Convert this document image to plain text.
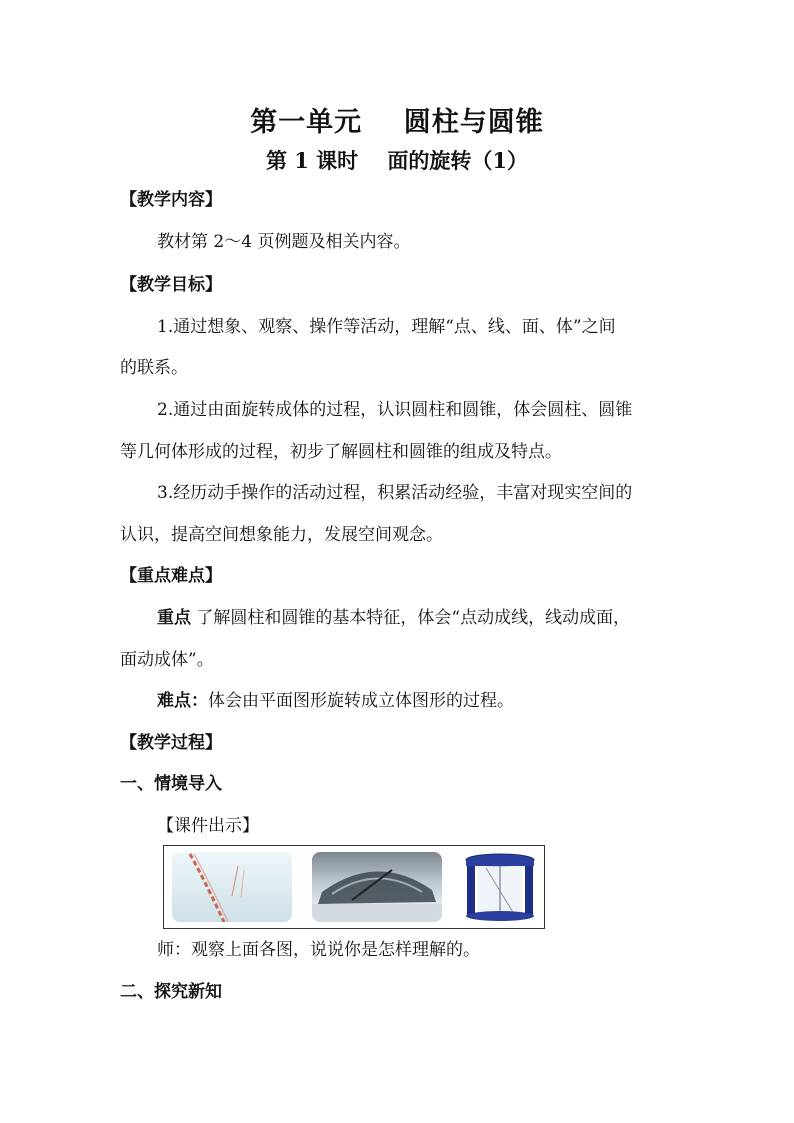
第一单元    圆柱与圆锥
第 1 课时    面的旋转（1）
【教学内容】
教材第 2～4 页例题及相关内容。
【教学目标】
1.通过想象、观察、操作等活动，理解“点、线、面、体”之间
的联系。
2.通过由面旋转成体的过程，认识圆柱和圆锥，体会圆柱、圆锥
等几何体形成的过程，初步了解圆柱和圆锥的组成及特点。
3.经历动手操作的活动过程，积累活动经验，丰富对现实空间的
认识，提高空间想象能力，发展空间观念。
【重点难点】
重点 了解圆柱和圆锥的基本特征，体会“点动成线，线动成面，
面动成体”。
难点：体会由平面图形旋转成立体图形的过程。
【教学过程】
一、情境导入
【课件出示】
师：观察上面各图，说说你是怎样理解的。
二、探究新知
